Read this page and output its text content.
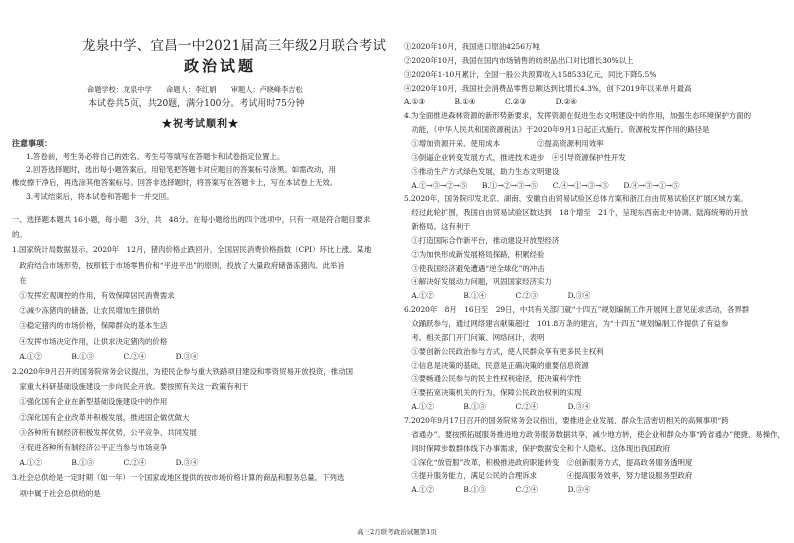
龙泉中学、宜昌一中2021届高三年级2月联合考试
政治试题
命题学校：龙泉中学　　命题人：李红娟　　审题人：卢晓峰李吉松
本试卷共5页，共20题，满分100分。考试用时75分钟
★祝考试顺利★
注意事项：
1.答卷前，考生务必将自己的姓名、考生号等填写在答题卡和试卷指定位置上。
2.回答选择题时，选出每小题答案后，用铅笔把答题卡对应题目的答案标号涂黑。如需改动，用
橡皮擦干净后，再选涂其他答案标号。回答非选择题时，将答案写在答题卡上，写在本试卷上无效。
3.考试结束后，将本试卷和答题卡一并交回。
一、选择题本题共 16小题，每小题　3分，共　48分。在每小题给出的四个选项中，只有一项是符合题目要求
的。
1.国家统计局数据显示，2020年　12月，猪肉价格止跌回升，全国居民消费价格指数（CPI）环比上涨。某地
　政府结合市场形势，按照低于市场零售价和“平进平出”的原则，投放了大量政府储备冻猪肉。此举旨
　在
　①发挥宏观调控的作用，有效保障居民消费需求
　②减少冻猪肉的储备，让农民增加生猪供给
　③稳定猪肉的市场价格，保障群众的基本生活
　④发挥市场决定作用，让供求决定猪肉的价格
　A.①②　　　　B.①③　　　　C.②④　　　　D.③④
2.2020年9月召开的国务院常务会议提出，为使民企参与重大铁路项目建设和零资贸易开放投资，推动国
　家重大科研基础设施建设一步向民企开放。要按照有关这一政策有利于
　①强化国有企业在新型基础设施建设中的作用
　②深化国有企业改革并积极发展，推进国企做优做大
　③各种所有制经济积极发挥优势，公平竞争、共同发展
　④促进各种所有制经济公平正当参与市场竞争
　A.①②　　　　B.①③　　　　C.②④　　　　D.③④
3.社会总供给是一定时期（如一年）一个国家或地区提供的按市场价格计算的商品和服务总量。下列选
　项中属于社会总供给的是
①2020年10月，我国进口原油4256万吨
②2020年10月，我国在国内市场销售的纺织品出口对比增长30%以上
③2020年1-10月累计，全国一般公共预算收入158533亿元，同比下降5.5%
④2020年10月，我国社会消费品零售总额达到比增长4.3%，创下2019年以来单月最高
A.①③　　　　B.①④　　　　C.②③　　　　D.②④
4.为全面推进森林资源的新形势新要求，发挥资源在促进生态文明建设中的作用，加强生态环境保护方面的
　功能，《中华人民共和国资源税法》于2020年9月1日起正式施行。资源税发挥作用的路径是
　①增加资源开采、使用成本　　　　　②提高资源利用效率
　③倒逼企业转变发展方式，推进技术进步　④引导资源保护性开发
　⑤推动生产方式绿色发展，助力生态文明建设
　A.①→③→②→⑤　　B.①→②→③→⑤　　C.④→①→③→⑤　　D.④→③→①→⑤
5.2020年，国务院印发北京、湖南、安徽自由贸易试验区总体方案和浙江自由贸易试验区扩展区域方案。
　经过此轮扩围，我国自由贸易试验区数达到　18个增至　21个，呈现东西南北中协调、陆海统筹的开放
　新格局。这有利于
　①打造国际合作新平台，推动建设开放型经济
　②为加快形成新发展格局探路，积累经验
　③使我国经济避免遭遇“逆全球化”的冲击
　④解决好发展动力问题，巩固国家经济实力
　A.①②　　　　B.①④　　　　C.②③　　　　D.③④
6.2020年　8月　16日至　29日，中共有关部门就“十四五”规划编制工作开展网上意见征求活动，各界群
　众踊跃参与，通过网络建言献策超过　101.8万条的建言，为“十四五”规划编制工作提供了有益参
　考。相关部门开门问策、网络问计，表明
　①要创新公民政治参与方式，使人民群众享有更多民主权利
　②信息是决策的基础，民意是正确决策的重要信息资源
　③要畅通公民参与的民主性权利途径，使决策科学性
　④要拓宽决策机关的行为，保障公民政治权利的实现
　A.①②　　　　B.①③　　　　C.②④　　　　D.③④
7.2020年9月17日召开的国务院常务会议指出，要推进企业发展、群众生活密切相关的高频事项“跨
　省通办”。要按照拓展服务推进地方政务服务数据共享，减少地方转，使企业和群众办事“跨省通办”便捷、易操作，
　同时保障步数群体线下办事需求，保护数据安全和个人隐私。这体现出我国政府
　①深化“放管服”改革，积极推进政府职能转变　②创新服务方式，提高政务服务透明度
　③提升服务能力，满足公民的合理诉求　　　　④提高服务效率，努力建设服务型政府
　A.①②　　　　B.①③　　　　C.②④　　　　D.③④
高三2月联考政治试题第1页
